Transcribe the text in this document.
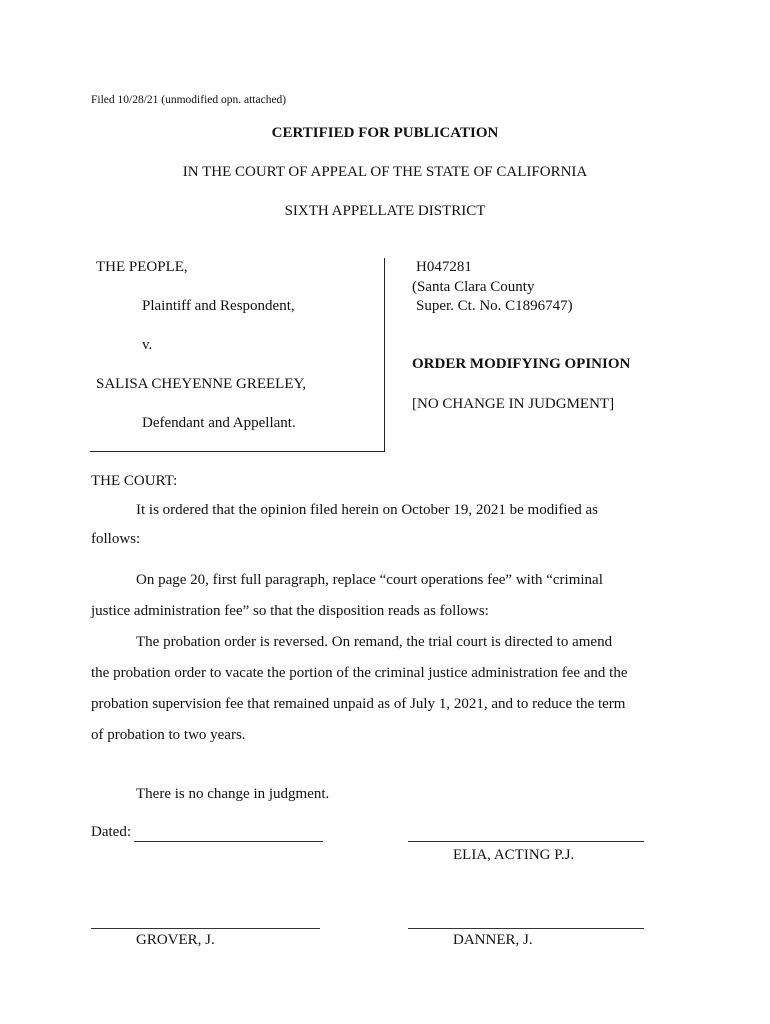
Filed 10/28/21 (unmodified opn. attached)
CERTIFIED FOR PUBLICATION
IN THE COURT OF APPEAL OF THE STATE OF CALIFORNIA
SIXTH APPELLATE DISTRICT
THE PEOPLE,
Plaintiff and Respondent,
v.
SALISA CHEYENNE GREELEY,
Defendant and Appellant.
H047281
(Santa Clara County
Super. Ct. No. C1896747)
ORDER MODIFYING OPINION
[NO CHANGE IN JUDGMENT]
THE COURT:
It is ordered that the opinion filed herein on October 19, 2021 be modified as
follows:
On page 20, first full paragraph, replace “court operations fee” with “criminal
justice administration fee” so that the disposition reads as follows:
The probation order is reversed. On remand, the trial court is directed to amend
the probation order to vacate the portion of the criminal justice administration fee and the
probation supervision fee that remained unpaid as of July 1, 2021, and to reduce the term
of probation to two years.
There is no change in judgment.
Dated:
ELIA, ACTING P.J.
GROVER, J.	DANNER, J.
